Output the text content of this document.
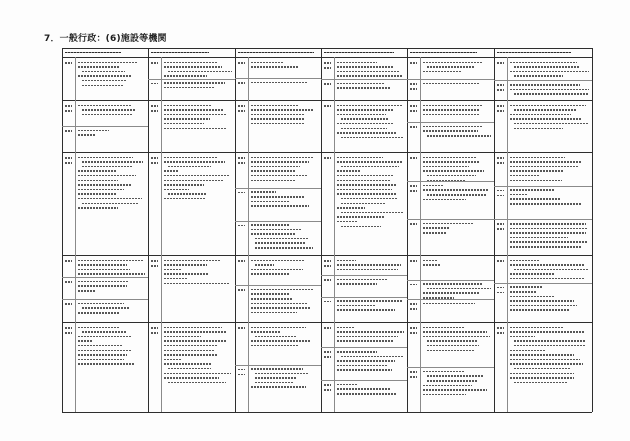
7．一般行政：(6)施設等機関
